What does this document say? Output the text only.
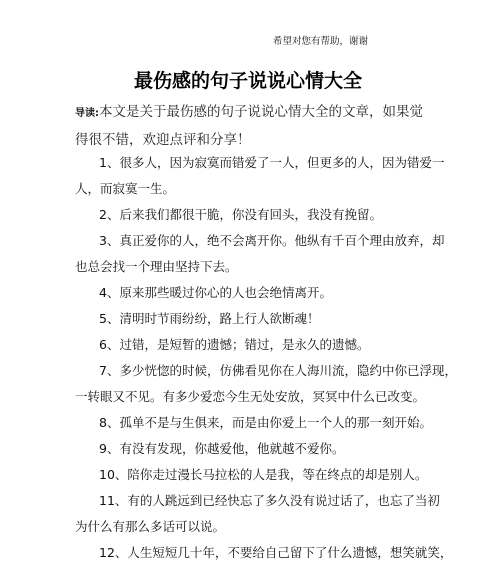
希望对您有帮助，谢谢
最伤感的句子说说心情大全
导读:本文是关于最伤感的句子说说心情大全的文章，如果觉得很不错，欢迎点评和分享！
1、很多人，因为寂寞而错爱了一人，但更多的人，因为错爱一
人，而寂寞一生。
2、后来我们都很干脆，你没有回头，我没有挽留。
3、真正爱你的人，绝不会离开你。他纵有千百个理由放弃，却
也总会找一个理由坚持下去。
4、原来那些暖过你心的人也会绝情离开。
5、清明时节雨纷纷，路上行人欲断魂！
6、过错，是短暂的遗憾；错过，是永久的遗憾。
7、多少恍惚的时候，仿佛看见你在人海川流，隐约中你已浮现，
一转眼又不见。有多少爱恋今生无处安放，冥冥中什么已改变。
8、孤单不是与生俱来，而是由你爱上一个人的那一刻开始。
9、有没有发现，你越爱他，他就越不爱你。
10、陪你走过漫长马拉松的人是我，等在终点的却是别人。
11、有的人跳远到已经快忘了多久没有说过话了，也忘了当初
为什么有那么多话可以说。
12、人生短短几十年，不要给自己留下了什么遗憾，想笑就笑，
